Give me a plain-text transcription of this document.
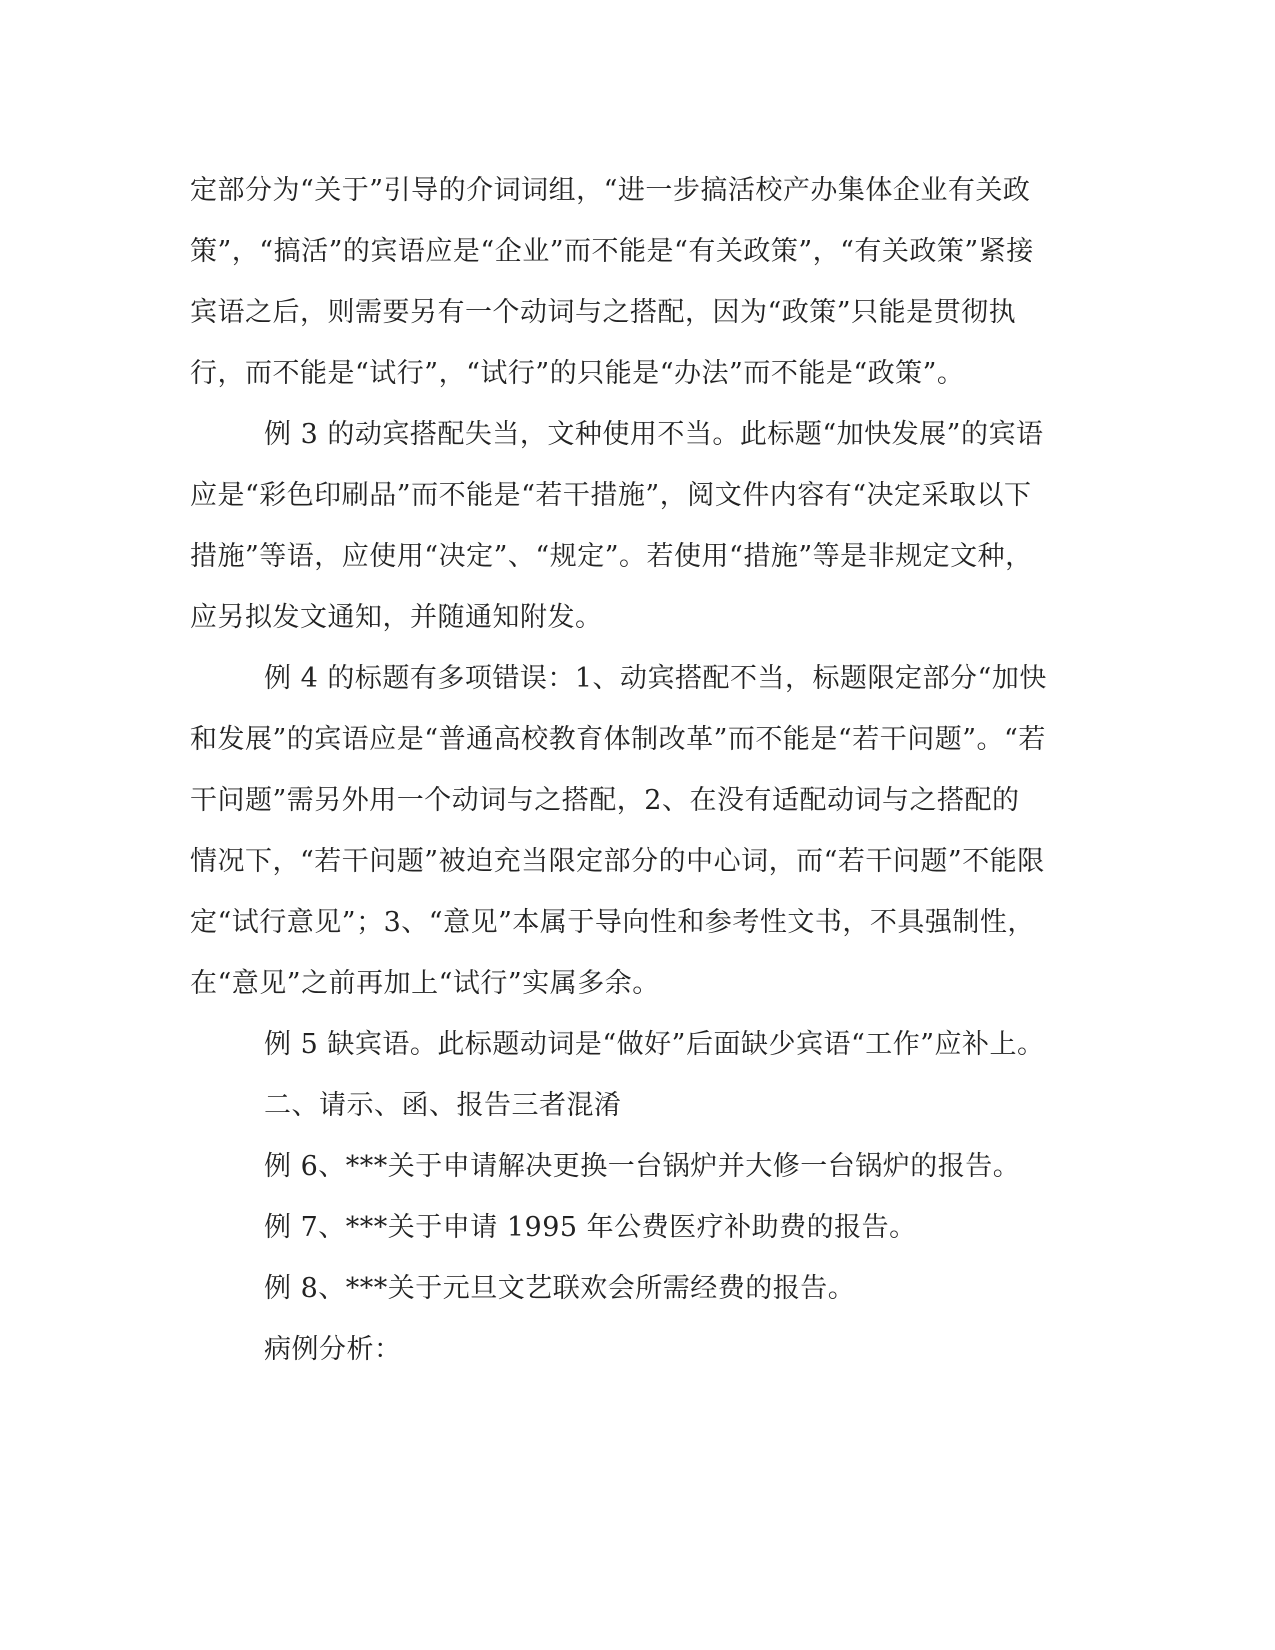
定部分为“关于”引导的介词词组，“进一步搞活校产办集体企业有关政
策”，“搞活”的宾语应是“企业”而不能是“有关政策”，“有关政策”紧接
宾语之后，则需要另有一个动词与之搭配，因为“政策”只能是贯彻执
行，而不能是“试行”，“试行”的只能是“办法”而不能是“政策”。
例 3 的动宾搭配失当，文种使用不当。此标题“加快发展”的宾语
应是“彩色印刷品”而不能是“若干措施”，阅文件内容有“决定采取以下
措施”等语，应使用“决定”、“规定”。若使用“措施”等是非规定文种，
应另拟发文通知，并随通知附发。
例 4 的标题有多项错误：1、动宾搭配不当，标题限定部分“加快
和发展”的宾语应是“普通高校教育体制改革”而不能是“若干问题”。“若
干问题”需另外用一个动词与之搭配，2、在没有适配动词与之搭配的
情况下，“若干问题”被迫充当限定部分的中心词，而“若干问题”不能限
定“试行意见”；3、“意见”本属于导向性和参考性文书，不具强制性，
在“意见”之前再加上“试行”实属多余。
例 5 缺宾语。此标题动词是“做好”后面缺少宾语“工作”应补上。
二、请示、函、报告三者混淆
例 6、***关于申请解决更换一台锅炉并大修一台锅炉的报告。
例 7、***关于申请 1995 年公费医疗补助费的报告。
例 8、***关于元旦文艺联欢会所需经费的报告。
病例分析：
